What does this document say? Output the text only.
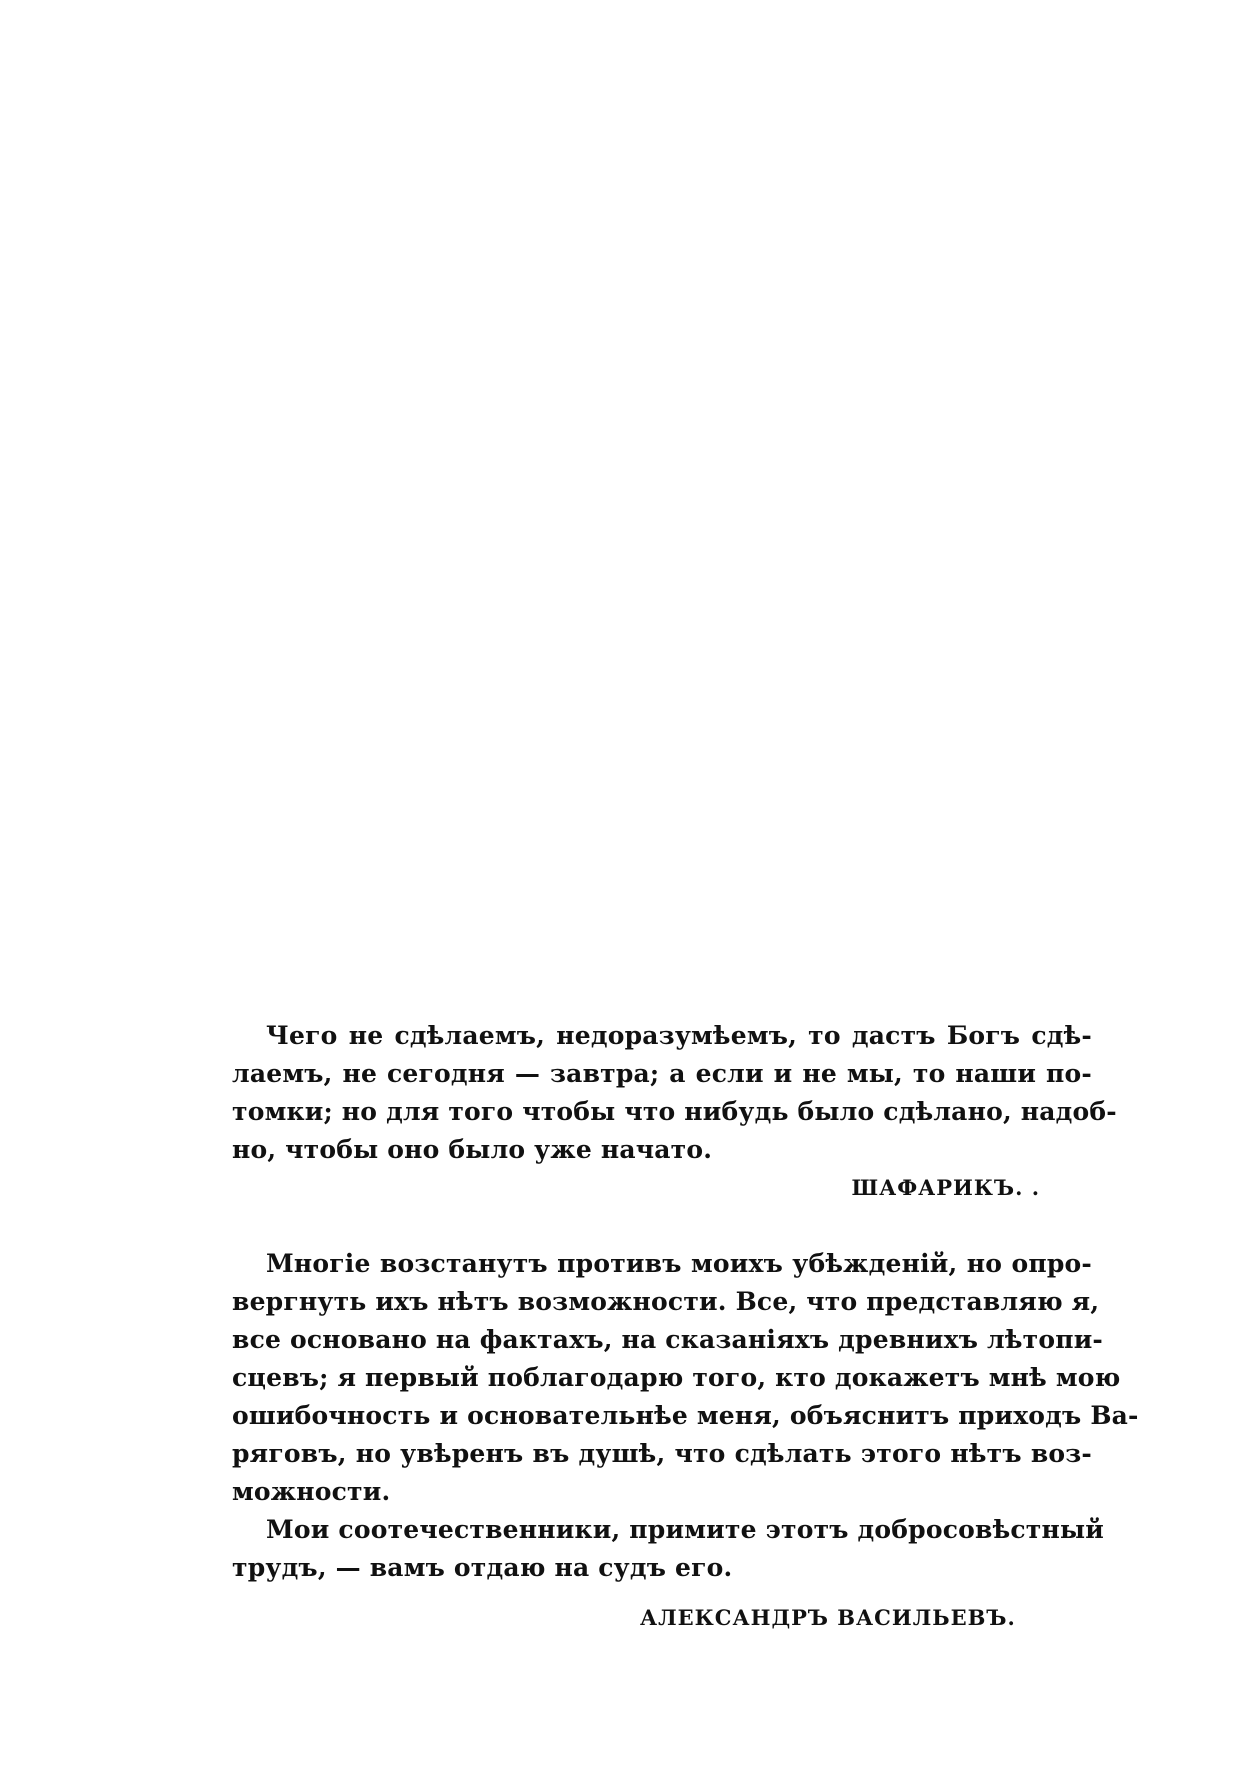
Чего не сдѣлаемъ, недоразумѣемъ, то дастъ Богъ сдѣ-
лаемъ, не сегодня — завтра; а если и не мы, то наши по-
томки; но для того чтобы что нибудь было сдѣлано, надоб-
но, чтобы оно было уже начато.
ШАФАРИКЪ. .
Многіе возстанутъ противъ моихъ убѣжденій, но опро-
вергнуть ихъ нѣтъ возможности. Все, что представляю я,
все основано на фактахъ, на сказаніяхъ древнихъ лѣтопи-
сцевъ; я первый поблагодарю того, кто докажетъ мнѣ мою
ошибочность и основательнѣе меня, объяснитъ приходъ Ва-
ряговъ, но увѣренъ въ душѣ, что сдѣлать этого нѣтъ воз-
можности.
Мои соотечественники, примите этотъ добросовѣстный
трудъ, — вамъ отдаю на судъ его.
АЛЕКСАНДРЪ ВАСИЛЬЕВЪ.
